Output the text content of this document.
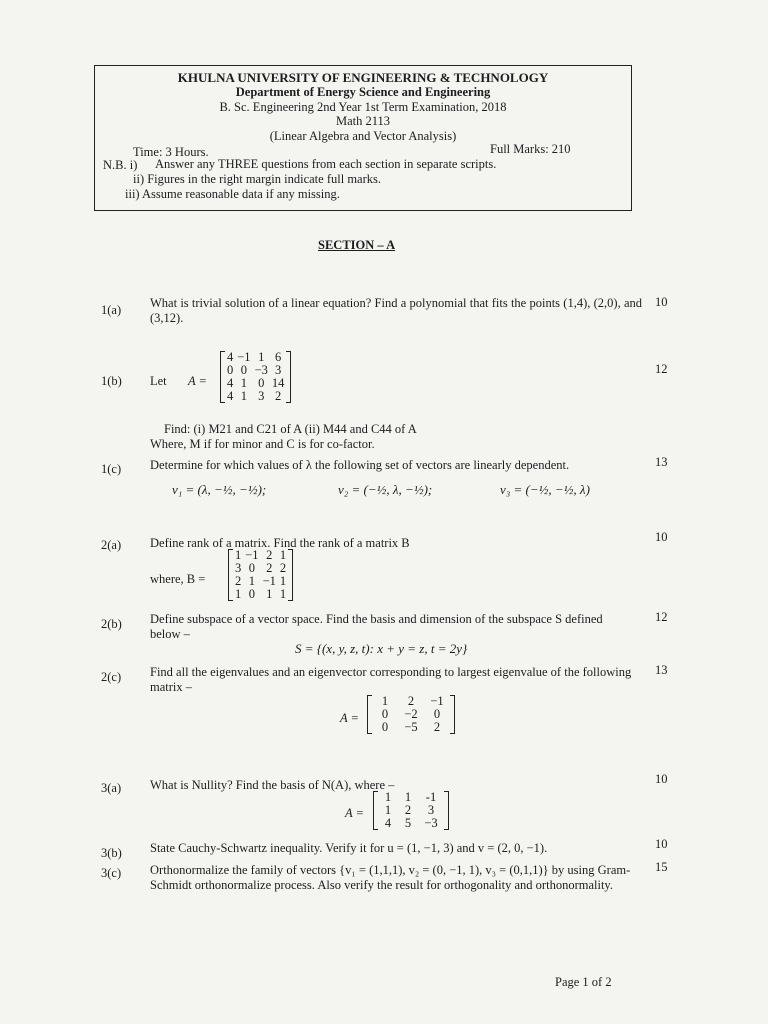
KHULNA UNIVERSITY OF ENGINEERING & TECHNOLOGY
Department of Energy Science and Engineering
B. Sc. Engineering 2nd Year 1st Term Examination, 2018
Math 2113
(Linear Algebra and Vector Analysis)
Time: 3 Hours.	Full Marks: 210
N.B. i) Answer any THREE questions from each section in separate scripts.
ii) Figures in the right margin indicate full marks.
iii) Assume reasonable data if any missing.
SECTION – A
1(a)
10
What is trivial solution of a linear equation? Find a polynomial that fits the points (1,4), (2,0), and (3,12).
1(b)
12
Let A =
4	−1	1	6
0	0	−3	3
4	1	0	14
4	1	3	2
Find: (i) M21 and C21 of A (ii) M44 and C44 of A
Where, M if for minor and C is for co-factor.
1(c)	13
Determine for which values of λ the following set of vectors are linearly dependent.
v₁ = (λ, −½, −½);	v₂ = (−½, λ, −½);	v₃ = (−½, −½, λ)
2(a)
10
Define rank of a matrix. Find the rank of a matrix B
where, B =
1	−1	2	1
3	0	2	2
2	1	−1	1
1	0	1	1
2(b)	12
Define subspace of a vector space. Find the basis and dimension of the subspace S defined below –
S = {(x, y, z, t): x + y = z, t = 2y}
2(c)	13
Find all the eigenvalues and an eigenvector corresponding to largest eigenvalue of the following matrix –
A =
1	2	−1
0	−2	0
0	−5	2
3(a)
10
What is Nullity? Find the basis of N(A), where –
A =
1	1	-1
1	2	3
4	5	−3
3(b)
10
State Cauchy-Schwartz inequality. Verify it for u = (1, −1, 3) and v = (2, 0, −1).
3(c)	15
Orthonormalize the family of vectors {v₁ = (1,1,1), v₂ = (0, −1, 1), v₃ = (0,1,1)} by using Gram-Schmidt orthonormalize process. Also verify the result for orthogonality and orthonormality.
Page 1 of 2
